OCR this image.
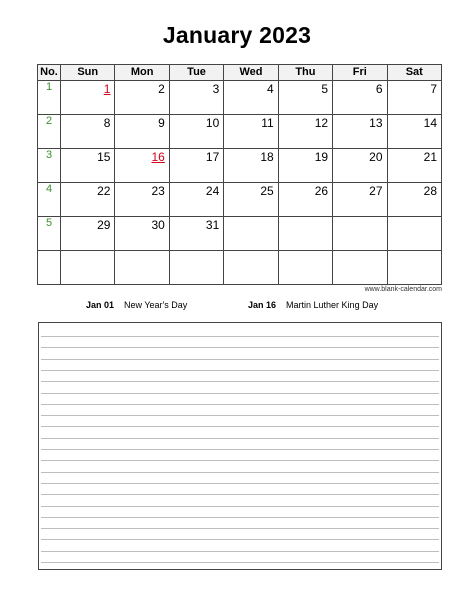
January 2023
No.	Sun	Mon	Tue	Wed	Thu	Fri	Sat
1	1	2	3	4	5	6	7

2	8	9	10	11	12	13	14

3	15	16	17	18	19	20	21

4	22	23	24	25	26	27	28

5	29	30	31				

www.blank-calendar.com
Jan 01 New Year's Day	Jan 16 Martin Luther King Day
